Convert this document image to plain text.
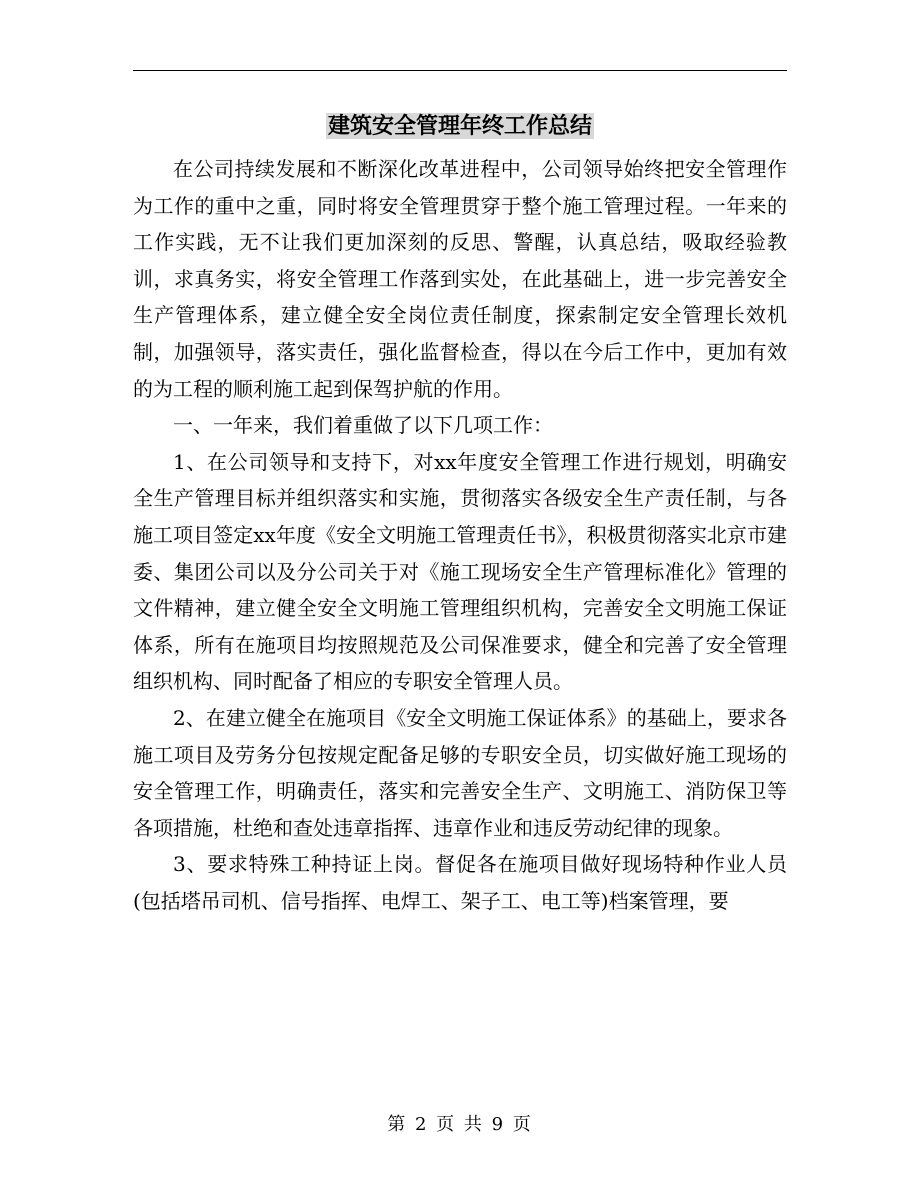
建筑安全管理年终工作总结

在公司持续发展和不断深化改革进程中，公司领导始终把安全管理作为工作的重中之重，同时将安全管理贯穿于整个施工管理过程。一年来的工作实践，无不让我们更加深刻的反思、警醒，认真总结，吸取经验教训，求真务实，将安全管理工作落到实处，在此基础上，进一步完善安全生产管理体系，建立健全安全岗位责任制度，探索制定安全管理长效机制，加强领导，落实责任，强化监督检查，得以在今后工作中，更加有效的为工程的顺利施工起到保驾护航的作用。

一、一年来，我们着重做了以下几项工作：

1、在公司领导和支持下，对xx年度安全管理工作进行规划，明确安全生产管理目标并组织落实和实施，贯彻落实各级安全生产责任制，与各施工项目签定xx年度《安全文明施工管理责任书》，积极贯彻落实北京市建委、集团公司以及分公司关于对《施工现场安全生产管理标准化》管理的文件精神，建立健全安全文明施工管理组织机构，完善安全文明施工保证体系，所有在施项目均按照规范及公司保准要求，健全和完善了安全管理组织机构、同时配备了相应的专职安全管理人员。

2、在建立健全在施项目《安全文明施工保证体系》的基础上，要求各施工项目及劳务分包按规定配备足够的专职安全员，切实做好施工现场的安全管理工作，明确责任，落实和完善安全生产、文明施工、消防保卫等各项措施，杜绝和查处违章指挥、违章作业和违反劳动纪律的现象。

3、要求特殊工种持证上岗。督促各在施项目做好现场特种作业人员(包括塔吊司机、信号指挥、电焊工、架子工、电工等)档案管理，要

第 2 页 共 9 页
